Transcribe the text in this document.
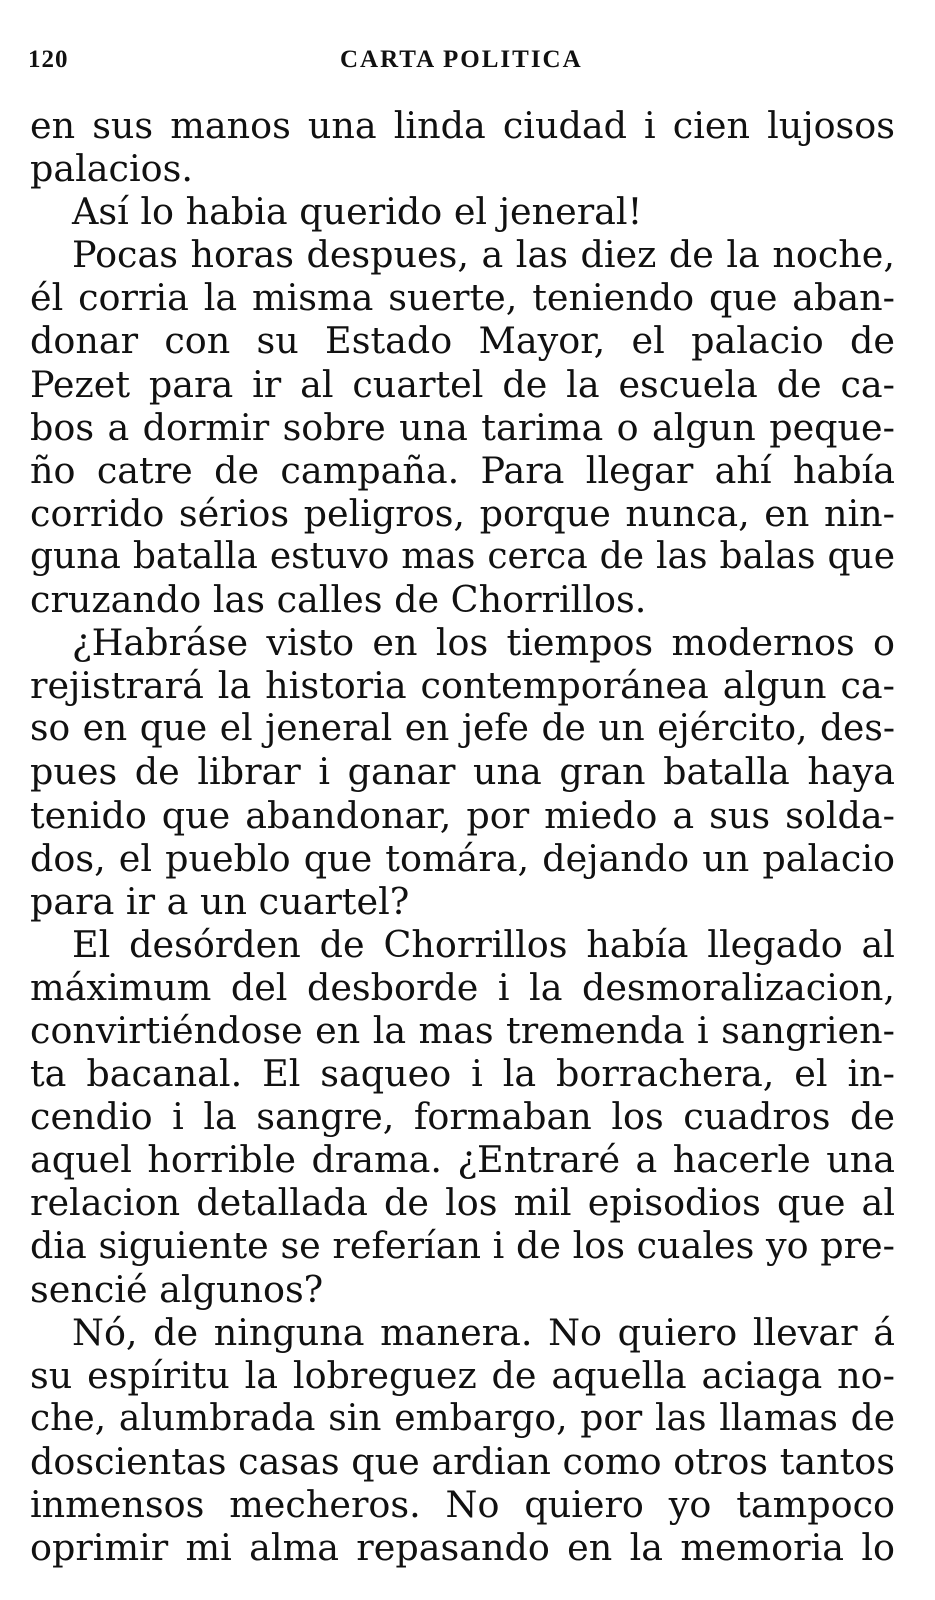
120	CARTA POLITICA
en sus manos una linda ciudad i cien lujosos
palacios.
Así lo habia querido el jeneral!
Pocas horas despues, a las diez de la noche,
él corria la misma suerte, teniendo que aban-
donar con su Estado Mayor, el palacio de
Pezet para ir al cuartel de la escuela de ca-
bos a dormir sobre una tarima o algun peque-
ño catre de campaña. Para llegar ahí había
corrido sérios peligros, porque nunca, en nin-
guna batalla estuvo mas cerca de las balas que
cruzando las calles de Chorrillos.
¿Habráse visto en los tiempos modernos o
rejistrará la historia contemporánea algun ca-
so en que el jeneral en jefe de un ejército, des-
pues de librar i ganar una gran batalla haya
tenido que abandonar, por miedo a sus solda-
dos, el pueblo que tomára, dejando un palacio
para ir a un cuartel?
El desórden de Chorrillos había llegado al
máximum del desborde i la desmoralizacion,
convirtiéndose en la mas tremenda i sangrien-
ta bacanal. El saqueo i la borrachera, el in-
cendio i la sangre, formaban los cuadros de
aquel horrible drama. ¿Entraré a hacerle una
relacion detallada de los mil episodios que al
dia siguiente se referían i de los cuales yo pre-
sencié algunos?
Nó, de ninguna manera. No quiero llevar á
su espíritu la lobreguez de aquella aciaga no-
che, alumbrada sin embargo, por las llamas de
doscientas casas que ardian como otros tantos
inmensos mecheros. No quiero yo tampoco
oprimir mi alma repasando en la memoria lo
